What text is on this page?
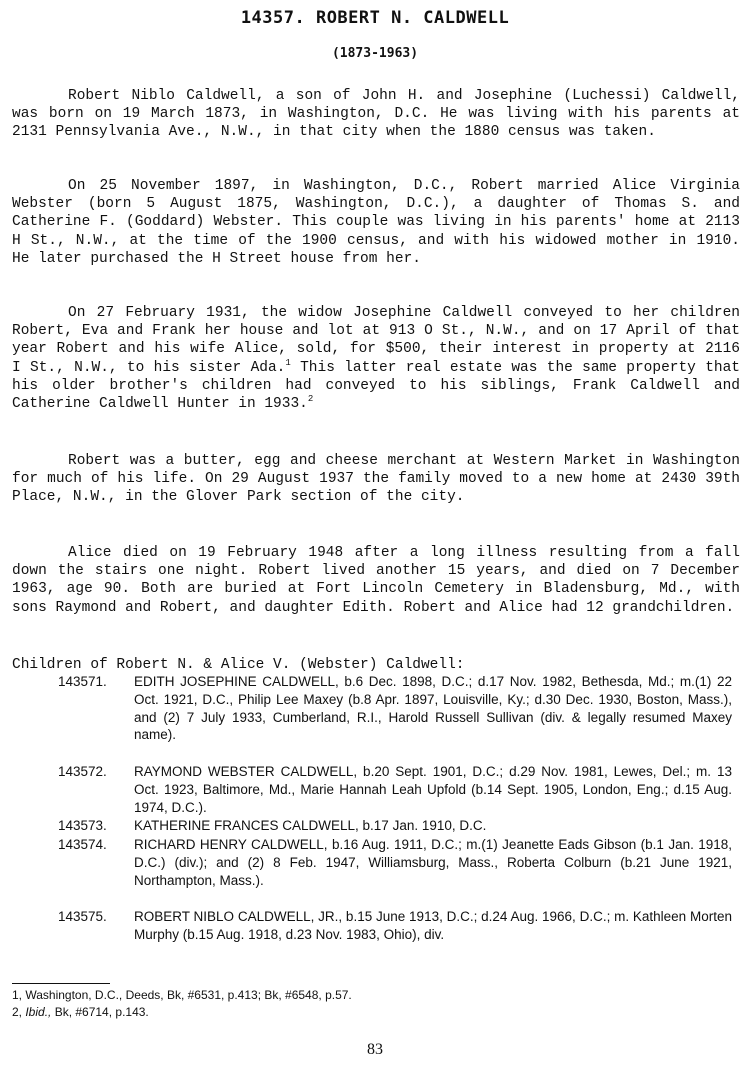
14357. ROBERT N. CALDWELL
(1873-1963)

Robert Niblo Caldwell, a son of John H. and Josephine (Luchessi) Caldwell, was born on 19 March 1873, in Washington, D.C. He was living with his parents at 2131 Pennsylvania Ave., N.W., in that city when the 1880 census was taken.

On 25 November 1897, in Washington, D.C., Robert married Alice Virginia Webster (born 5 August 1875, Washington, D.C.), a daughter of Thomas S. and Catherine F. (Goddard) Webster. This couple was living in his parents' home at 2113 H St., N.W., at the time of the 1900 census, and with his widowed mother in 1910. He later purchased the H Street house from her.

On 27 February 1931, the widow Josephine Caldwell conveyed to her children Robert, Eva and Frank her house and lot at 913 O St., N.W., and on 17 April of that year Robert and his wife Alice, sold, for $500, their interest in property at 2116 I St., N.W., to his sister Ada.$^1$ This latter real estate was the same property that his older brother's children had conveyed to his siblings, Frank Caldwell and Catherine Caldwell Hunter in 1933.$^2$

Robert was a butter, egg and cheese merchant at Western Market in Washington for much of his life. On 29 August 1937 the family moved to a new home at 2430 39th Place, N.W., in the Glover Park section of the city.

Alice died on 19 February 1948 after a long illness resulting from a fall down the stairs one night. Robert lived another 15 years, and died on 7 December 1963, age 90. Both are buried at Fort Lincoln Cemetery in Bladensburg, Md., with sons Raymond and Robert, and daughter Edith. Robert and Alice had 12 grandchildren.

Children of Robert N. & Alice V. (Webster) Caldwell:

143571.	EDITH JOSEPHINE CALDWELL, b.6 Dec. 1898, D.C.; d.17 Nov. 1982, Bethesda, Md.; m.(1) 22 Oct. 1921, D.C., Philip Lee Maxey (b.8 Apr. 1897, Louisville, Ky.; d.30 Dec. 1930, Boston, Mass.), and (2) 7 July 1933, Cumberland, R.I., Harold Russell Sullivan (div. & legally resumed Maxey name).
143572.	RAYMOND WEBSTER CALDWELL, b.20 Sept. 1901, D.C.; d.29 Nov. 1981, Lewes, Del.; m. 13 Oct. 1923, Baltimore, Md., Marie Hannah Leah Upfold (b.14 Sept. 1905, London, Eng.; d.15 Aug. 1974, D.C.).
143573.	KATHERINE FRANCES CALDWELL, b.17 Jan. 1910, D.C.
143574.	RICHARD HENRY CALDWELL, b.16 Aug. 1911, D.C.; m.(1) Jeanette Eads Gibson (b.1 Jan. 1918, D.C.) (div.); and (2) 8 Feb. 1947, Williamsburg, Mass., Roberta Colburn (b.21 June 1921, Northampton, Mass.).
143575.	ROBERT NIBLO CALDWELL, JR., b.15 June 1913, D.C.; d.24 Aug. 1966, D.C.; m. Kathleen Morten Murphy (b.15 Aug. 1918, d.23 Nov. 1983, Ohio), div.
1, Washington, D.C., Deeds, Bk, #6531, p.413; Bk, #6548, p.57.
2, Ibid., Bk, #6714, p.143.
83
